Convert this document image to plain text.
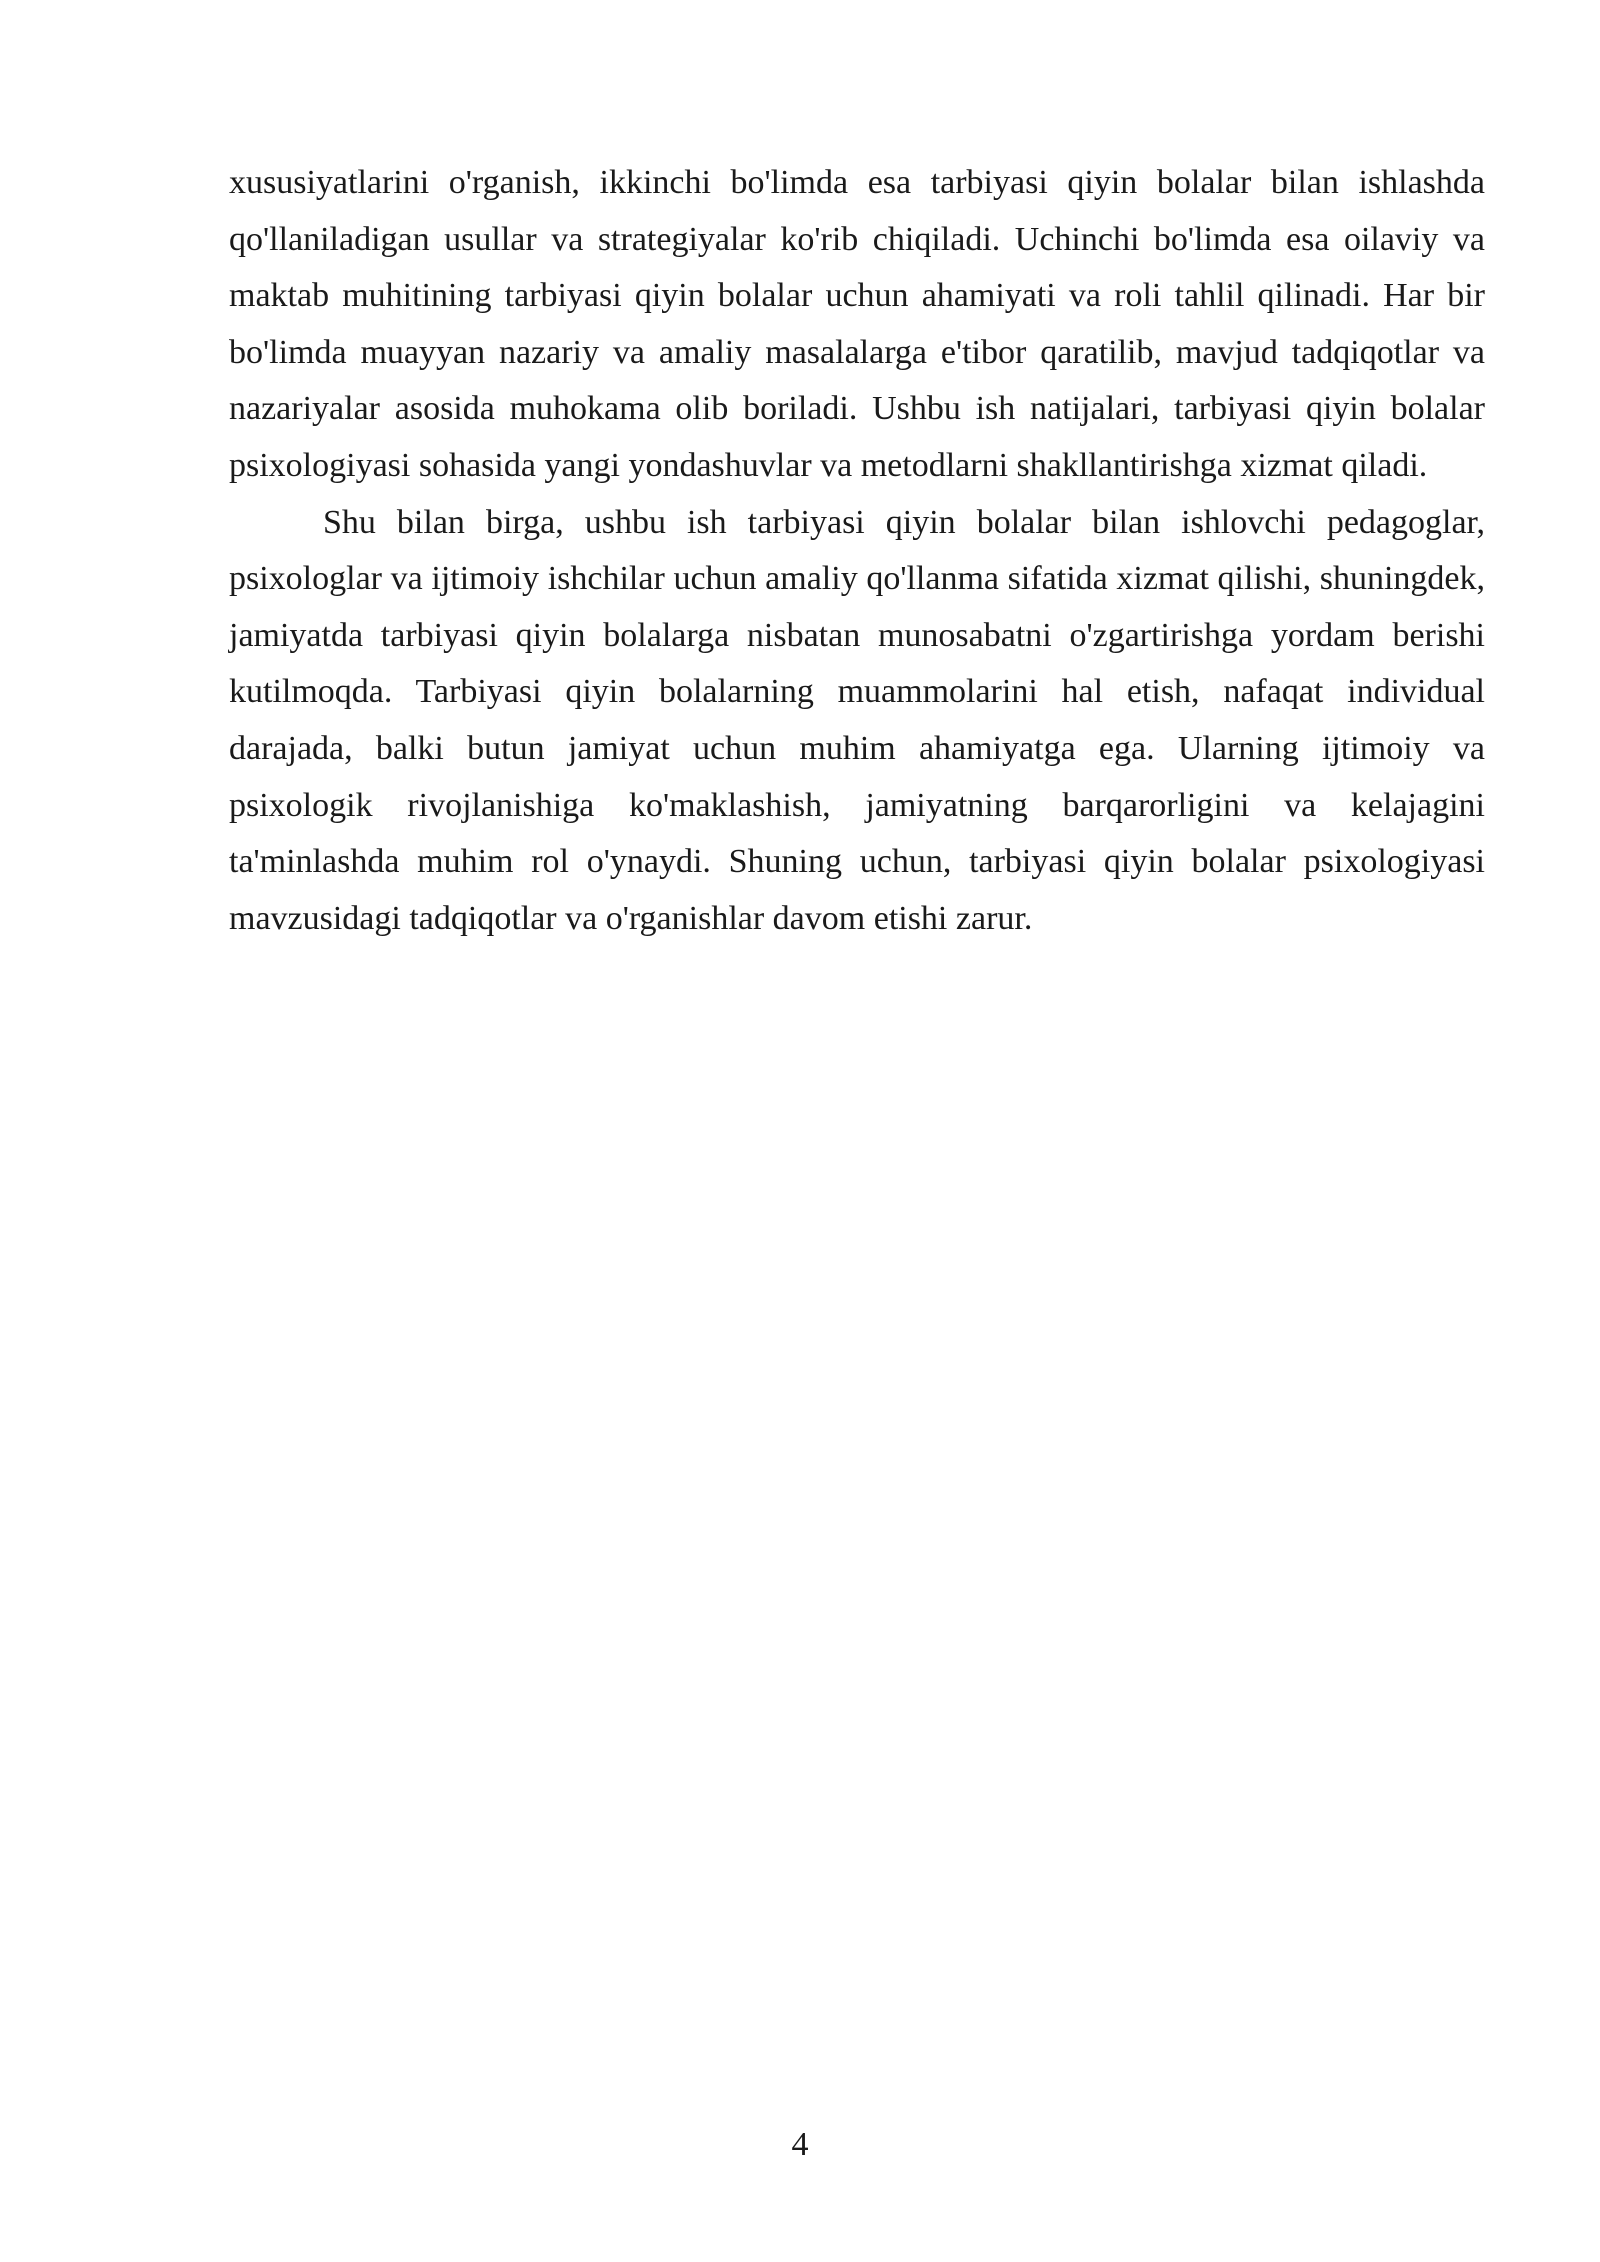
xususiyatlarini o'rganish, ikkinchi bo'limda esa tarbiyasi qiyin bolalar bilan ishlashda qo'llaniladigan usullar va strategiyalar ko'rib chiqiladi. Uchinchi bo'limda esa oilaviy va maktab muhitining tarbiyasi qiyin bolalar uchun ahamiyati va roli tahlil qilinadi. Har bir bo'limda muayyan nazariy va amaliy masalalarga e'tibor qaratilib, mavjud tadqiqotlar va nazariyalar asosida muhokama olib boriladi. Ushbu ish natijalari, tarbiyasi qiyin bolalar psixologiyasi sohasida yangi yondashuvlar va metodlarni shakllantirishga xizmat qiladi.

Shu bilan birga, ushbu ish tarbiyasi qiyin bolalar bilan ishlovchi pedagoglar, psixologlar va ijtimoiy ishchilar uchun amaliy qo'llanma sifatida xizmat qilishi, shuningdek, jamiyatda tarbiyasi qiyin bolalarga nisbatan munosabatni o'zgartirishga yordam berishi kutilmoqda. Tarbiyasi qiyin bolalarning muammolarini hal etish, nafaqat individual darajada, balki butun jamiyat uchun muhim ahamiyatga ega. Ularning ijtimoiy va psixologik rivojlanishiga ko'maklashish, jamiyatning barqarorligini va kelajagini ta'minlashda muhim rol o'ynaydi. Shuning uchun, tarbiyasi qiyin bolalar psixologiyasi mavzusidagi tadqiqotlar va o'rganishlar davom etishi zarur.

4
